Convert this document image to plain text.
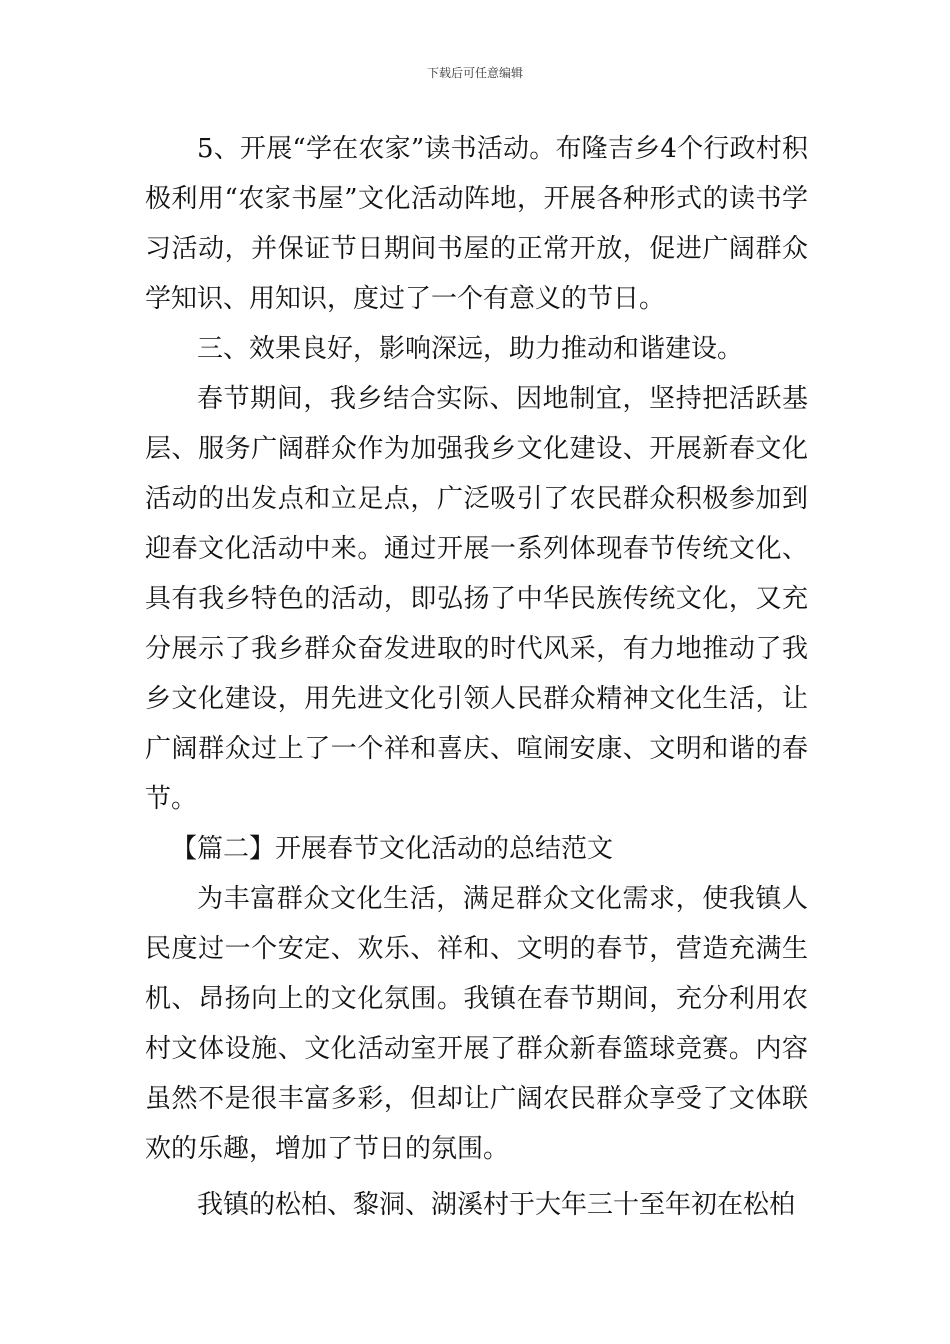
下载后可任意编辑

5、开展“学在农家”读书活动。布隆吉乡4个行政村积极利用“农家书屋”文化活动阵地，开展各种形式的读书学习活动，并保证节日期间书屋的正常开放，促进广阔群众学知识、用知识，度过了一个有意义的节日。

三、效果良好，影响深远，助力推动和谐建设。

春节期间，我乡结合实际、因地制宜，坚持把活跃基层、服务广阔群众作为加强我乡文化建设、开展新春文化活动的出发点和立足点，广泛吸引了农民群众积极参加到迎春文化活动中来。通过开展一系列体现春节传统文化、具有我乡特色的活动，即弘扬了中华民族传统文化，又充分展示了我乡群众奋发进取的时代风采，有力地推动了我乡文化建设，用先进文化引领人民群众精神文化生活，让广阔群众过上了一个祥和喜庆、喧闹安康、文明和谐的春节。

【篇二】开展春节文化活动的总结范文

为丰富群众文化生活，满足群众文化需求，使我镇人民度过一个安定、欢乐、祥和、文明的春节，营造充满生机、昂扬向上的文化氛围。我镇在春节期间，充分利用农村文体设施、文化活动室开展了群众新春篮球竞赛。内容虽然不是很丰富多彩，但却让广阔农民群众享受了文体联欢的乐趣，增加了节日的氛围。

我镇的松柏、黎洞、湖溪村于大年三十至年初在松柏
